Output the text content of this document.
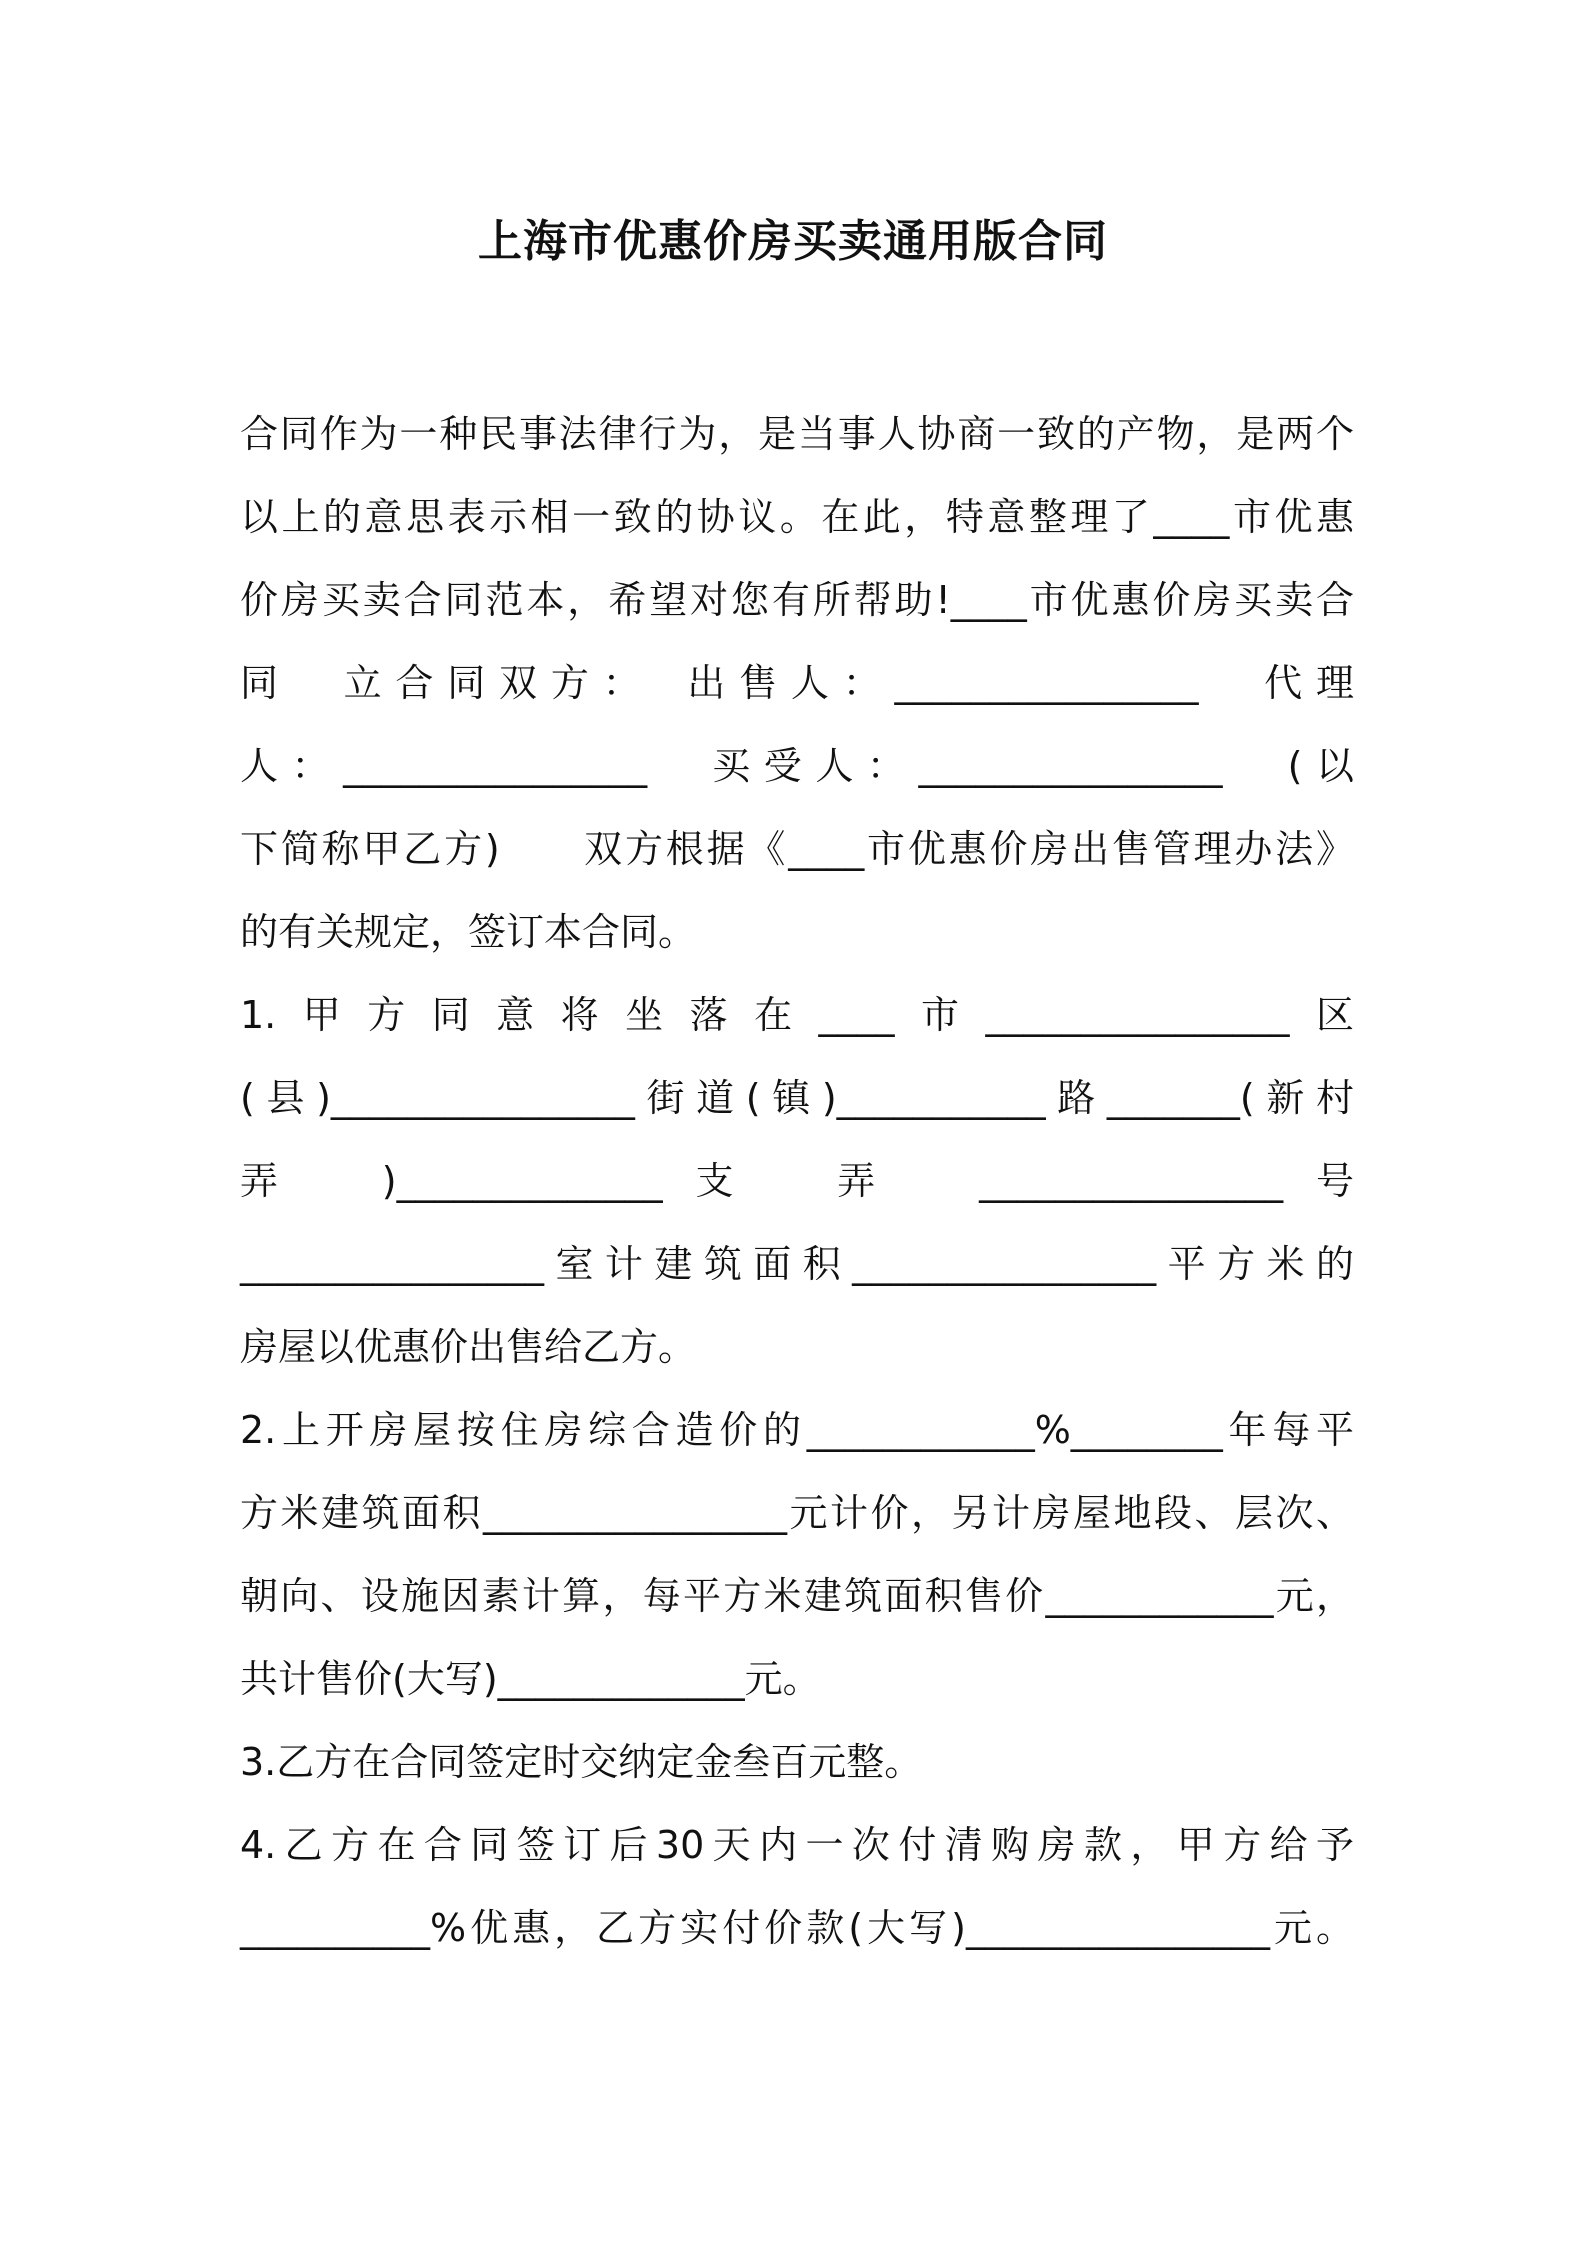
上海市优惠价房买卖通用版合同
合同作为一种民事法律行为，是当事人协商一致的产物，是两个
以上的意思表示相一致的协议。在此，特意整理了____市优惠
价房买卖合同范本，希望对您有所帮助!____市优惠价房买卖合
同　立合同双方：　出售人：________________　代理
人：________________　买受人：________________　(以
下简称甲乙方)　　双方根据《____市优惠价房出售管理办法》
的有关规定，签订本合同。
1.甲方同意将坐落在____市________________区
(县)________________街道(镇)___________路_______(新村
弄　)______________支　弄　________________号
________________室计建筑面积________________平方米的
房屋以优惠价出售给乙方。
2.上开房屋按住房综合造价的____________%________年每平
方米建筑面积________________元计价，另计房屋地段、层次、
朝向、设施因素计算，每平方米建筑面积售价____________元，
共计售价(大写)_____________元。
3.乙方在合同签定时交纳定金叁百元整。
4.乙方在合同签订后30天内一次付清购房款，甲方给予
__________%优惠，乙方实付价款(大写)________________元。
